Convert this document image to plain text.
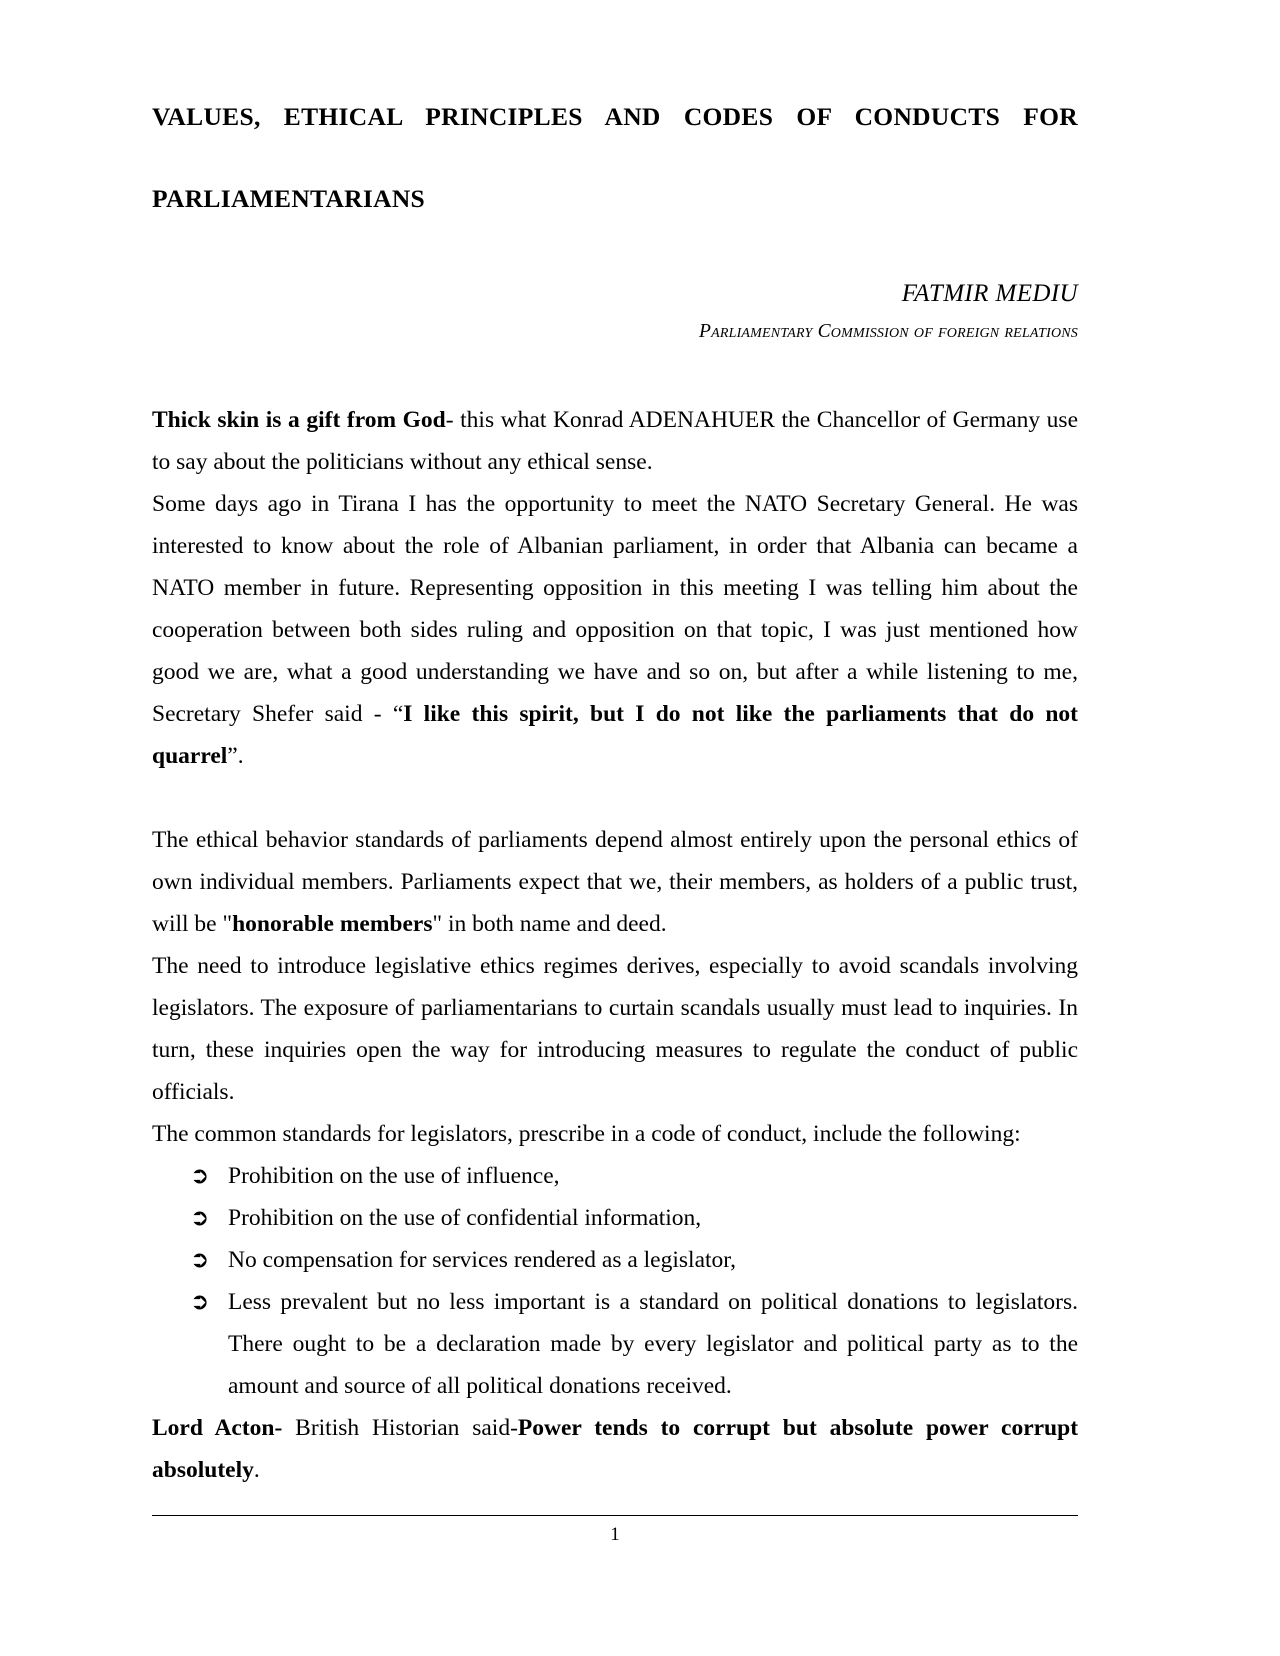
VALUES, ETHICAL PRINCIPLES AND CODES OF CONDUCTS FOR
PARLIAMENTARIANS
FATMIR MEDIU
Parliamentary Commission of foreign relations

Thick skin is a gift from God- this what Konrad ADENAHUER the Chancellor of Germany use to say about the politicians without any ethical sense.

Some days ago in Tirana I has the opportunity to meet the NATO Secretary General. He was interested to know about the role of Albanian parliament, in order that Albania can became a NATO member in future. Representing opposition in this meeting I was telling him about the cooperation between both sides ruling and opposition on that topic, I was just mentioned how good we are, what a good understanding we have and so on, but after a while listening to me, Secretary Shefer said - “I like this spirit, but I do not like the parliaments that do not quarrel”.

The ethical behavior standards of parliaments depend almost entirely upon the personal ethics of own individual members. Parliaments expect that we, their members, as holders of a public trust, will be "honorable members" in both name and deed.

The need to introduce legislative ethics regimes derives, especially to avoid scandals involving legislators. The exposure of parliamentarians to curtain scandals usually must lead to inquiries. In turn, these inquiries open the way for introducing measures to regulate the conduct of public officials.

The common standards for legislators, prescribe in a code of conduct, include the following:

➲ Prohibition on the use of influence,
➲ Prohibition on the use of confidential information,
➲ No compensation for services rendered as a legislator,
➲ Less prevalent but no less important is a standard on political donations to legislators. There ought to be a declaration made by every legislator and political party as to the amount and source of all political donations received.

Lord Acton- British Historian said-Power tends to corrupt but absolute power corrupt absolutely.

1
